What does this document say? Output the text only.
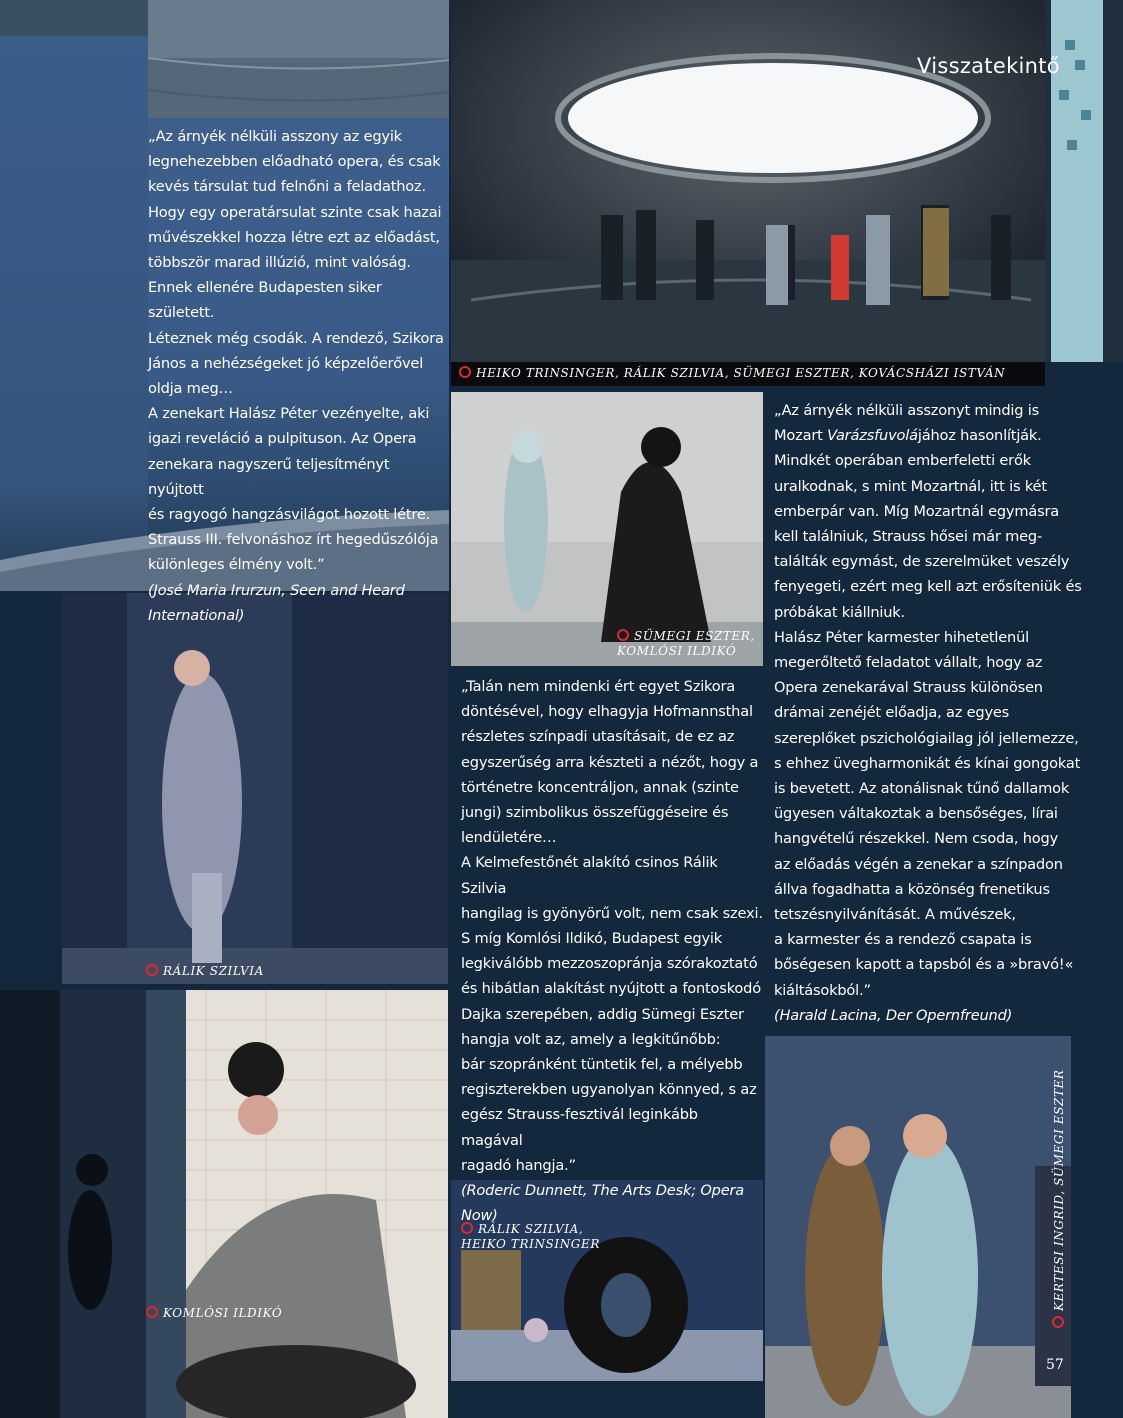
Visszatekintő
57

„Az árnyék nélküli asszony az egyik

legnehezebben előadható opera, és csak

kevés társulat tud felnőni a feladathoz.

Hogy egy operatársulat szinte csak hazai

művészekkel hozza létre ezt az előadást,

többször marad illúzió, mint valóság.

Ennek ellenére Budapesten siker született.

Léteznek még csodák. A rendező, Szikora

János a nehézségeket jó képzelőerővel

oldja meg…

A zenekart Halász Péter vezényelte, aki

igazi reveláció a pulpituson. Az Opera

zenekara nagyszerű teljesítményt nyújtott

és ragyogó hangzásvilágot hozott létre.

Strauss III. felvonáshoz írt hegedűszólója

különleges élmény volt.”

(José Maria Irurzun, Seen and Heard

International)

„Talán nem mindenki ért egyet Szikora

döntésével, hogy elhagyja Hofmannsthal

részletes színpadi utasításait, de ez az

egyszerűség arra készteti a nézőt, hogy a

történetre koncentráljon, annak (szinte

jungi) szimbolikus összefüggéseire és

lendületére…

A Kelmefestőnét alakító csinos Rálik Szilvia

hangilag is gyönyörű volt, nem csak szexi.

S míg Komlósi Ildikó, Budapest egyik

legkiválóbb mezzoszopránja szórakoztató

és hibátlan alakítást nyújtott a fontoskodó

Dajka szerepében, addig Sümegi Eszter

hangja volt az, amely a legkitűnőbb:

bár szopránként tüntetik fel, a mélyebb

regiszterekben ugyanolyan könnyed, s az

egész Strauss-fesztivál leginkább magával

ragadó hangja.”

(Roderic Dunnett, The Arts Desk; Opera

Now)

„Az árnyék nélküli asszonyt mindig is

Mozart Varázsfuvolájához hasonlítják.

Mindkét operában emberfeletti erők

uralkodnak, s mint Mozartnál, itt is két

emberpár van. Míg Mozartnál egymásra

kell találniuk, Strauss hősei már meg-

találták egymást, de szerelmüket veszély

fenyegeti, ezért meg kell azt erősíteniük és

próbákat kiállniuk.

Halász Péter karmester hihetetlenül

megerőltető feladatot vállalt, hogy az

Opera zenekarával Strauss különösen

drámai zenéjét előadja, az egyes

szereplőket pszichológiailag jól jellemezze,

s ehhez üvegharmonikát és kínai gongokat

is bevetett. Az atonálisnak tűnő dallamok

ügyesen váltakoztak a bensőséges, lírai

hangvételű részekkel. Nem csoda, hogy

az előadás végén a zenekar a színpadon

állva fogadhatta a közönség frenetikus

tetszésnyilvánítását. A művészek,

a karmester és a rendező csapata is

bőségesen kapott a tapsból és a »bravó!«

kiáltásokból.”

(Harald Lacina, Der Opernfreund)

HEIKO TRINSINGER, RÁLIK SZILVIA, SÜMEGI ESZTER, KOVÁCSHÁZI ISTVÁN
SÜMEGI ESZTER,
KOMLÓSI ILDIKÓ
RÁLIK SZILVIA
KOMLÓSI ILDIKÓ
RÁLIK SZILVIA,
HEIKO TRINSINGER	KERTESI INGRID, SÜMEGI ESZTER
